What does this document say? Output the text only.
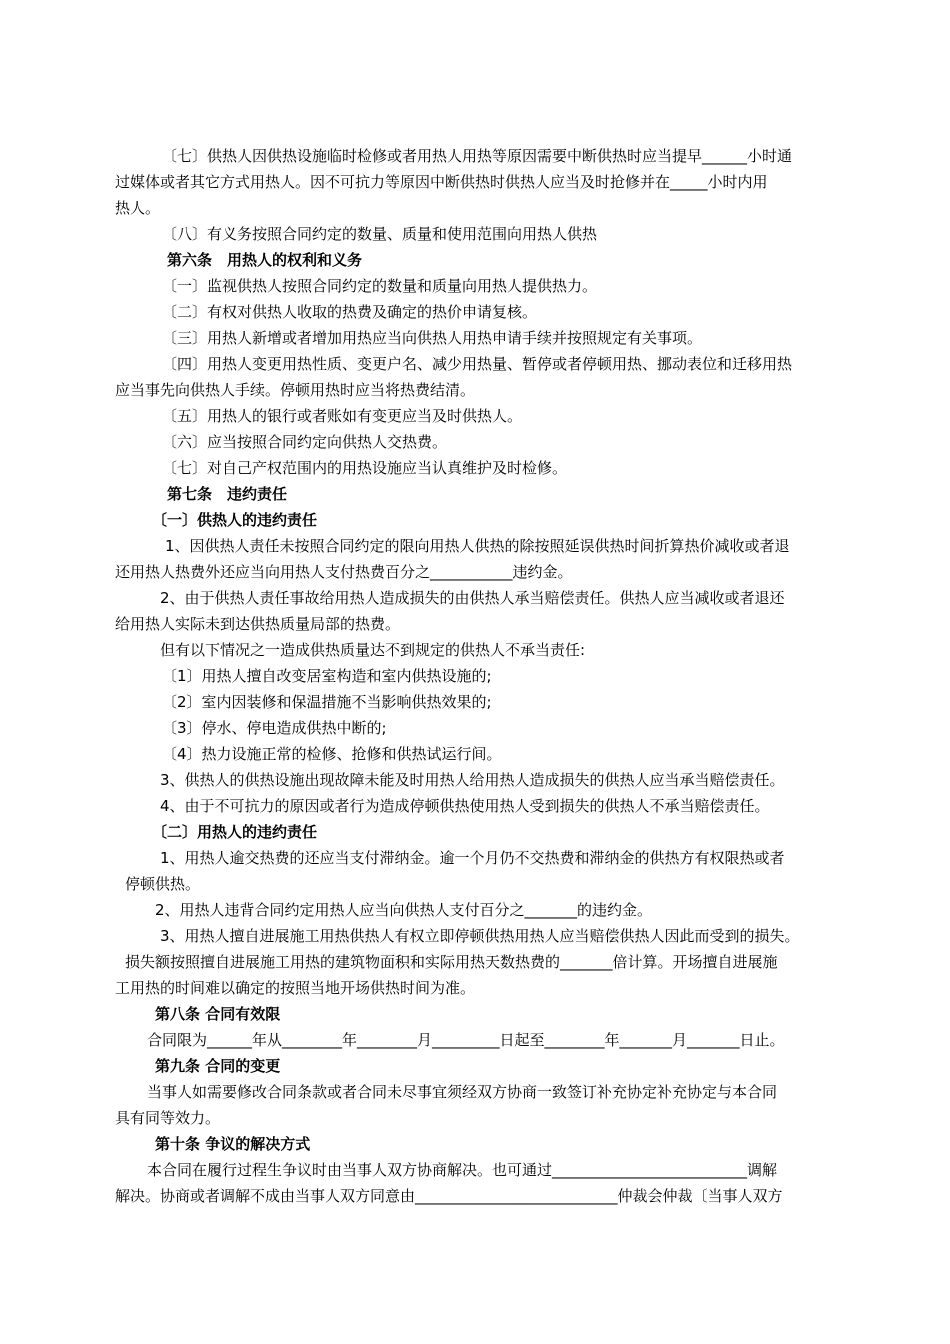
〔七〕供热人因供热设施临时检修或者用热人用热等原因需要中断供热时应当提早______小时通

过媒体或者其它方式用热人。因不可抗力等原因中断供热时供热人应当及时抢修并在_____小时内用

热人。

〔八〕有义务按照合同约定的数量、质量和使用范围向用热人供热

第六条　用热人的权利和义务

〔一〕监视供热人按照合同约定的数量和质量向用热人提供热力。

〔二〕有权对供热人收取的热费及确定的热价申请复核。

〔三〕用热人新增或者增加用热应当向供热人用热申请手续并按照规定有关事项。

〔四〕用热人变更用热性质、变更户名、减少用热量、暂停或者停顿用热、挪动表位和迁移用热

应当事先向供热人手续。停顿用热时应当将热费结清。

〔五〕用热人的银行或者账如有变更应当及时供热人。

〔六〕应当按照合同约定向供热人交热费。

〔七〕对自己产权范围内的用热设施应当认真维护及时检修。

第七条　违约责任

〔一〕供热人的违约责任

1、因供热人责任未按照合同约定的限向用热人供热的除按照延误供热时间折算热价减收或者退

还用热人热费外还应当向用热人支付热费百分之___________违约金。

2、由于供热人责任事故给用热人造成损失的由供热人承当赔偿责任。供热人应当减收或者退还

给用热人实际未到达供热质量局部的热费。

但有以下情况之一造成供热质量达不到规定的供热人不承当责任:

〔1〕用热人擅自改变居室构造和室内供热设施的;

〔2〕室内因装修和保温措施不当影响供热效果的;

〔3〕停水、停电造成供热中断的;

〔4〕热力设施正常的检修、抢修和供热试运行间。

3、供热人的供热设施出现故障未能及时用热人给用热人造成损失的供热人应当承当赔偿责任。

4、由于不可抗力的原因或者行为造成停顿供热使用热人受到损失的供热人不承当赔偿责任。

〔二〕用热人的违约责任

1、用热人逾交热费的还应当支付滞纳金。逾一个月仍不交热费和滞纳金的供热方有权限热或者

停顿供热。

2、用热人违背合同约定用热人应当向供热人支付百分之_______的违约金。

3、用热人擅自进展施工用热供热人有权立即停顿供热用热人应当赔偿供热人因此而受到的损失。

损失额按照擅自进展施工用热的建筑物面积和实际用热天数热费的_______倍计算。开场擅自进展施

工用热的时间难以确定的按照当地开场供热时间为准。

第八条 合同有效限

合同限为______年从________年________月_________日起至________年_______月_______日止。

第九条 合同的变更

当事人如需要修改合同条款或者合同未尽事宜须经双方协商一致签订补充协定补充协定与本合同

具有同等效力。

第十条 争议的解决方式

本合同在履行过程生争议时由当事人双方协商解决。也可通过__________________________调解

解决。协商或者调解不成由当事人双方同意由___________________________仲裁会仲裁〔当事人双方
